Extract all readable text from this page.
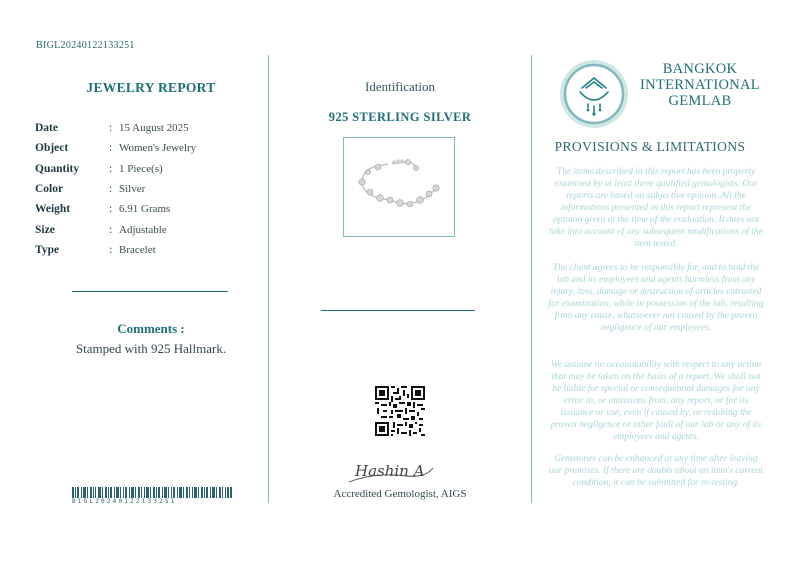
BIGL20240122133251
JEWELRY REPORT
Date	: 15 August 2025
Object	: Women's Jewelry
Quantity	: 1 Piece(s)
Color	: Silver
Weight	: 6.91 Grams
Size	: Adjustable
Type	: Bracelet
Comments :
Stamped with 925 Hallmark.
BIGL20240122133251
Identification
925 STERLING SILVER
Hashin A
Accredited Gemologist, AIGS
BANGKOK
INTERNATIONAL
GEMLAB
PROVISIONS & LIMITATIONS
The items described in this report has been properly examined by at least three qualified gemologists. Our reports are based on subjective opinion. All the informations presented in this report represent the opinion given at the time of the evaluation. It does not take into account of any subsequent modifications of the item tested.
The client agrees to be responsible for, and to hold the lab and its employees and agents harmless from any injury, loss, damage or destruction of articles entrusted for examination, while in possession of the lab, resulting from any cause, whatsoever not caused by the proven negligence of our employees.
We assume no accountability with respect to any action that may be taken on the basis of a report. We shall not be liable for special or consequential damages for any error in, or omissions from, any report, or for its issuance or use, even if caused by, or resulting the proven negligence or other fault of our lab or any of its employees and agents.
Gemstones can be enhanced at any time after leaving our premises. If there are doubts about an item's current condition, it can be submitted for re-testing.
